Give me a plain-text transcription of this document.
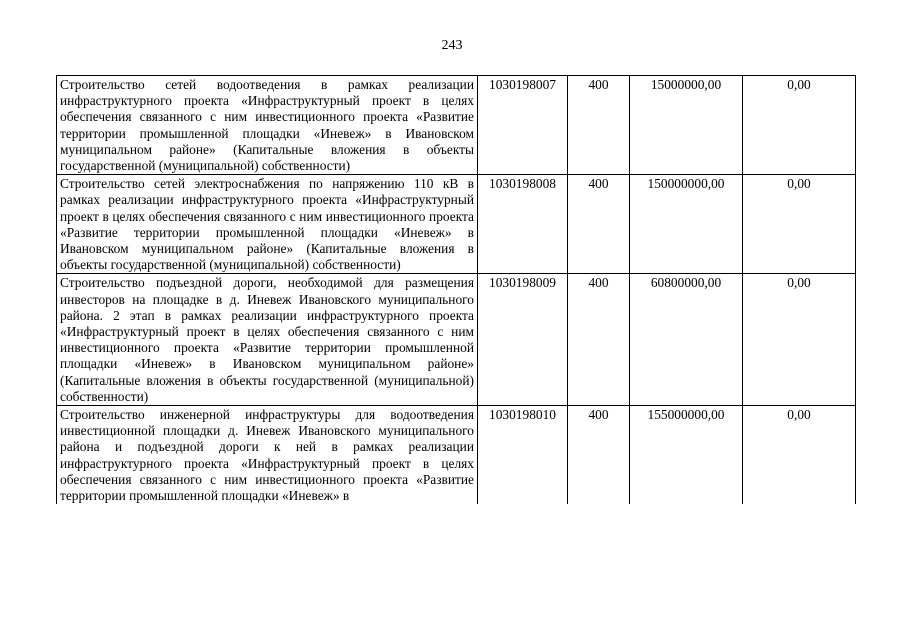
243
Строительство сетей водоотведения в рамках реализации инфраструктурного проекта «Инфраструктурный проект в целях обеспечения связанного с ним инвестиционного проекта «Развитие территории промышленной площадки «Иневеж» в Ивановском муниципальном районе» (Капитальные вложения в объекты государственной (муниципальной) собственности)	1030198007	400	15000000,00	0,00
Строительство сетей электроснабжения по напряжению 110 кВ в рамках реализации инфраструктурного проекта «Инфраструктурный проект в целях обеспечения связанного с ним инвестиционного проекта «Развитие территории промышленной площадки «Иневеж» в Ивановском муниципальном районе» (Капитальные вложения в объекты государственной (муниципальной) собственности)	1030198008	400	150000000,00	0,00
Строительство подъездной дороги, необходимой для размещения инвесторов на площадке в д. Иневеж Ивановского муниципального района. 2 этап в рамках реализации инфраструктурного проекта «Инфраструктурный проект в целях обеспечения связанного с ним инвестиционного проекта «Развитие территории промышленной площадки «Иневеж» в Ивановском муниципальном районе» (Капитальные вложения в объекты государственной (муниципальной) собственности)	1030198009	400	60800000,00	0,00

Строительство инженерной инфраструктуры для водоотведения инвестиционной площадки д. Иневеж Ивановского муниципального района и подъездной дороги к ней в рамках реализации инфраструктурного проекта «Инфраструктурный проект в целях обеспечения связанного с ним инвестиционного проекта «Развитие территории промышленной площадки «Иневеж» в	1030198010	400	155000000,00	0,00
